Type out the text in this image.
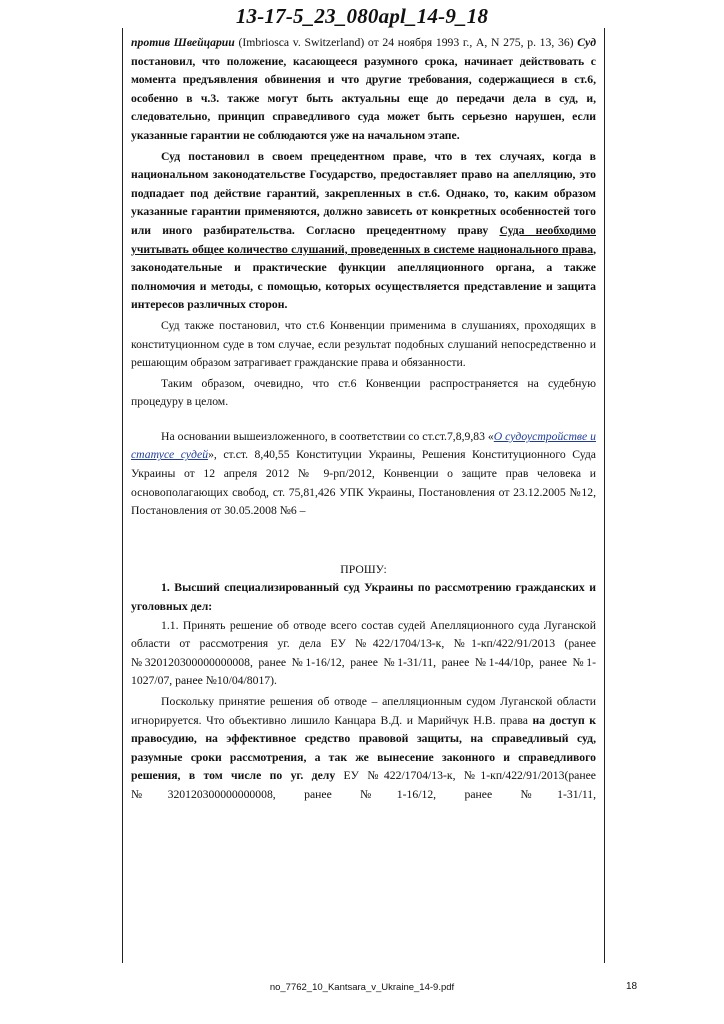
13-17-5_23_080apl_14-9_18

против Швейцарии (Imbrioscа v. Switzerland) от 24 ноября 1993 г., A, N 275, p. 13, 36) Суд постановил, что положение, касающееся разумного срока, начинает действовать с момента предъявления обвинения и что другие требования, содержащиеся в ст.6, особенно в ч.3. также могут быть актуальны еще до передачи дела в суд, и, следовательно, принцип справедливого суда может быть серьезно нарушен, если указанные гарантии не соблюдаются уже на начальном этапе.

Суд постановил в своем прецедентном праве, что в тех случаях, когда в национальном законодательстве Государство, предоставляет право на апелляцию, это подпадает под действие гарантий, закрепленных в ст.6. Однако, то, каким образом указанные гарантии применяются, должно зависеть от конкретных особенностей того или иного разбирательства. Согласно прецедентному праву Суда необходимо учитывать общее количество слушаний, проведенных в системе национального права, законодательные и практические функции апелляционного органа, а также полномочия и методы, с помощью, которых осуществляется представление и защита интересов различных сторон.

Суд также постановил, что ст.6 Конвенции применима в слушаниях, проходящих в конституционном суде в том случае, если результат подобных слушаний непосредственно и решающим образом затрагивает гражданские права и обязанности.

Таким образом, очевидно, что ст.6 Конвенции распространяется на судебную процедуру в целом.

На основании вышеизложенного, в соответствии со ст.ст.7,8,9,83 «О судоустройстве и статусе судей», ст.ст. 8,40,55 Конституции Украины, Решения Конституционного Суда Украины от 12 апреля 2012 № 9-рп/2012, Конвенции о защите прав человека и основополагающих свобод, ст. 75,81,426 УПК Украины, Постановления от 23.12.2005 №12, Постановления от 30.05.2008 №6 –

ПРОШУ:

1. Высший специализированный суд Украины по рассмотрению гражданских и уголовных дел:

1.1. Принять решение об отводе всего состав судей Апелляционного суда Луганской области от рассмотрения уг. дела ЕУ №422/1704/13-к, №1-кп/422/91/2013 (ранее №320120300000000008, ранее №1-16/12, ранее №1-31/11, ранее №1-44/10р, ранее №1-1027/07, ранее №10/04/8017).

Поскольку принятие решения об отводе – апелляционным судом Луганской области игнорируется. Что объективно лишило Канцара В.Д. и Марийчук Н.В. права на доступ к правосудию, на эффективное средство правовой защиты, на справедливый суд, разумные сроки рассмотрения, а так же вынесение законного и справедливого решения, в том числе по уг. делу ЕУ №422/1704/13-к, №1-кп/422/91/2013(ранее №320120300000000008, ранее №1-16/12, ранее №1-31/11,

no_7762_10_Kantsara_v_Ukraine_14-9.pdf	18
